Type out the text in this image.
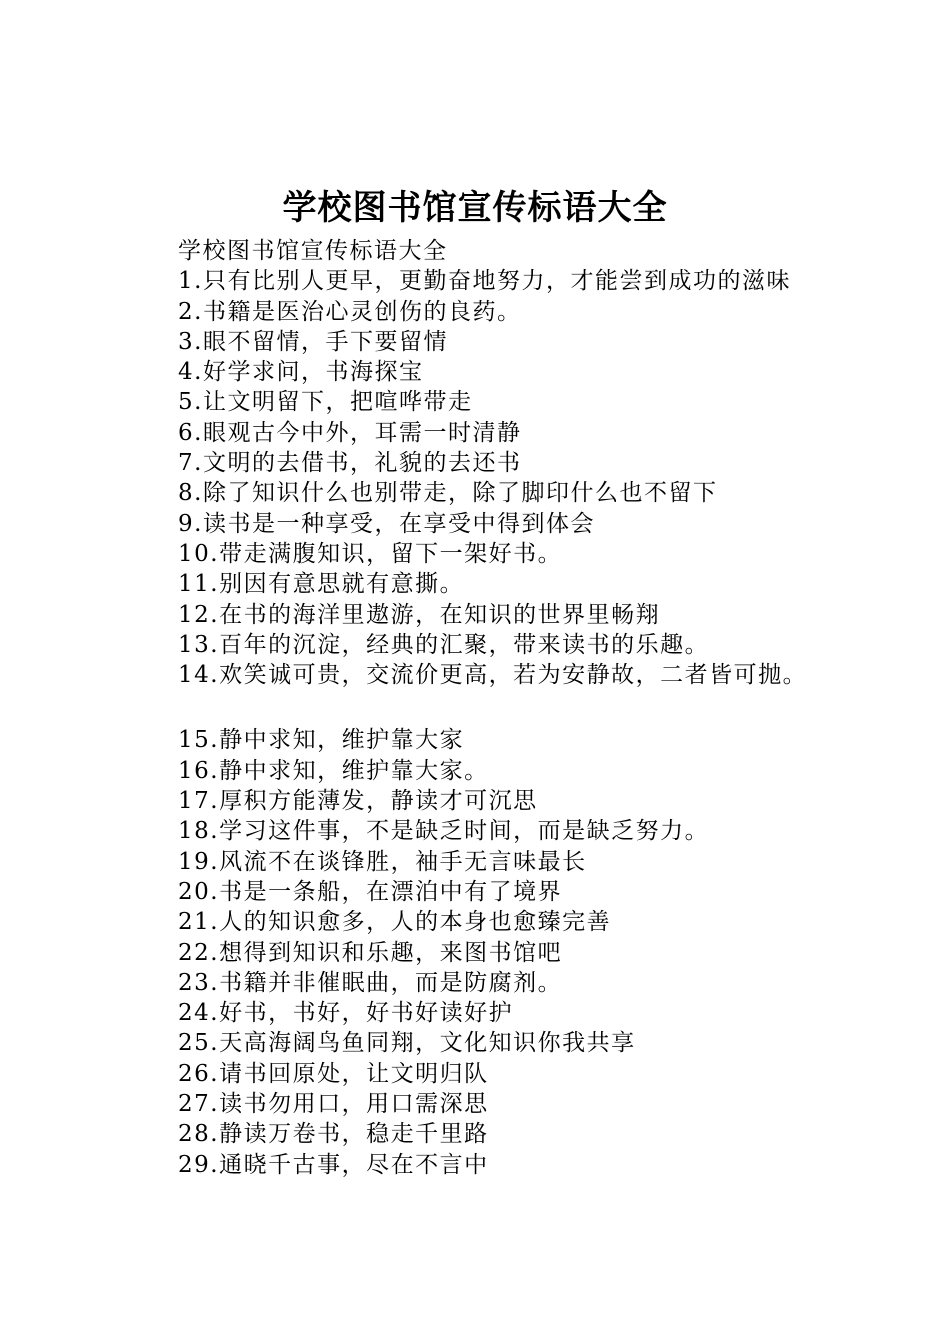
学校图书馆宣传标语大全
学校图书馆宣传标语大全
1.只有比别人更早，更勤奋地努力，才能尝到成功的滋味
2.书籍是医治心灵创伤的良药。
3.眼不留情，手下要留情
4.好学求问，书海探宝
5.让文明留下，把喧哗带走
6.眼观古今中外，耳需一时清静
7.文明的去借书，礼貌的去还书
8.除了知识什么也别带走，除了脚印什么也不留下
9.读书是一种享受，在享受中得到体会
10.带走满腹知识，留下一架好书。
11.别因有意思就有意撕。
12.在书的海洋里遨游，在知识的世界里畅翔
13.百年的沉淀，经典的汇聚，带来读书的乐趣。
14.欢笑诚可贵，交流价更高，若为安静故，二者皆可抛。
15.静中求知，维护靠大家
16.静中求知，维护靠大家。
17.厚积方能薄发，静读才可沉思
18.学习这件事，不是缺乏时间，而是缺乏努力。
19.风流不在谈锋胜，袖手无言味最长
20.书是一条船，在漂泊中有了境界
21.人的知识愈多，人的本身也愈臻完善
22.想得到知识和乐趣，来图书馆吧
23.书籍并非催眠曲，而是防腐剂。
24.好书，书好，好书好读好护
25.天高海阔鸟鱼同翔，文化知识你我共享
26.请书回原处，让文明归队
27.读书勿用口，用口需深思
28.静读万卷书，稳走千里路
29.通晓千古事，尽在不言中
